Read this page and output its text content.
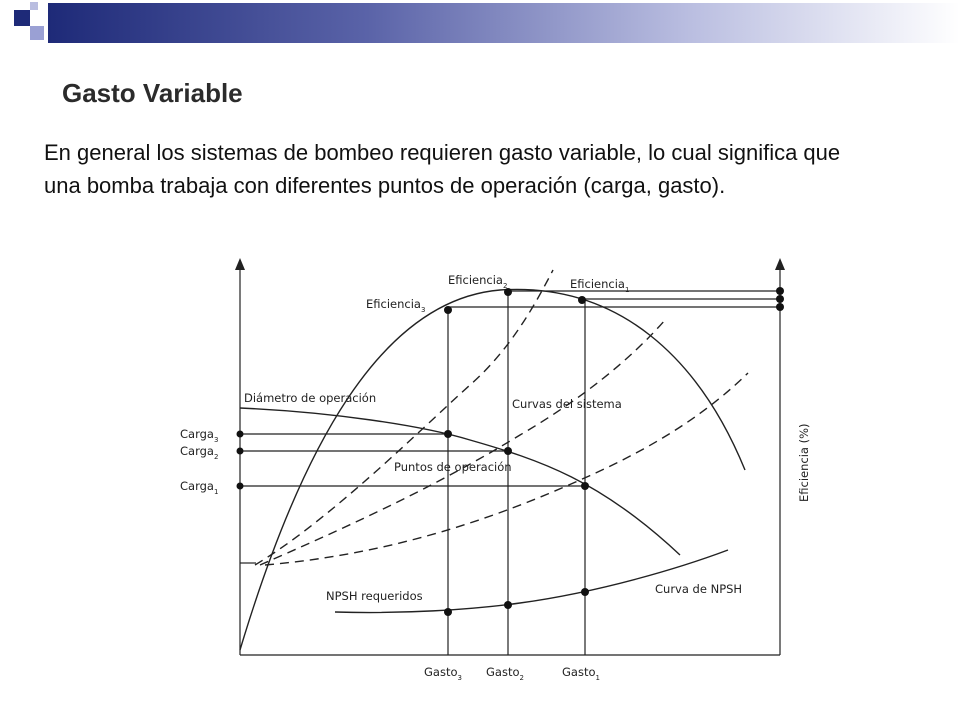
Gasto Variable

En general los sistemas de bombeo requieren gasto variable, lo cual significa que
una bomba trabaja con diferentes puntos de operación (carga, gasto).

Eficiencia$_2$	Eficiencia$_1$
Eficiencia$_3$
Diámetro de operación	Curvas del sistema
Puntos de operación
NPSH requeridos	Curva de NPSH
Carga$_3$
Carga$_2$
Carga$_1$
Gasto$_3$ Gasto$_2$	Gasto$_1$
Eficiencia (%)
